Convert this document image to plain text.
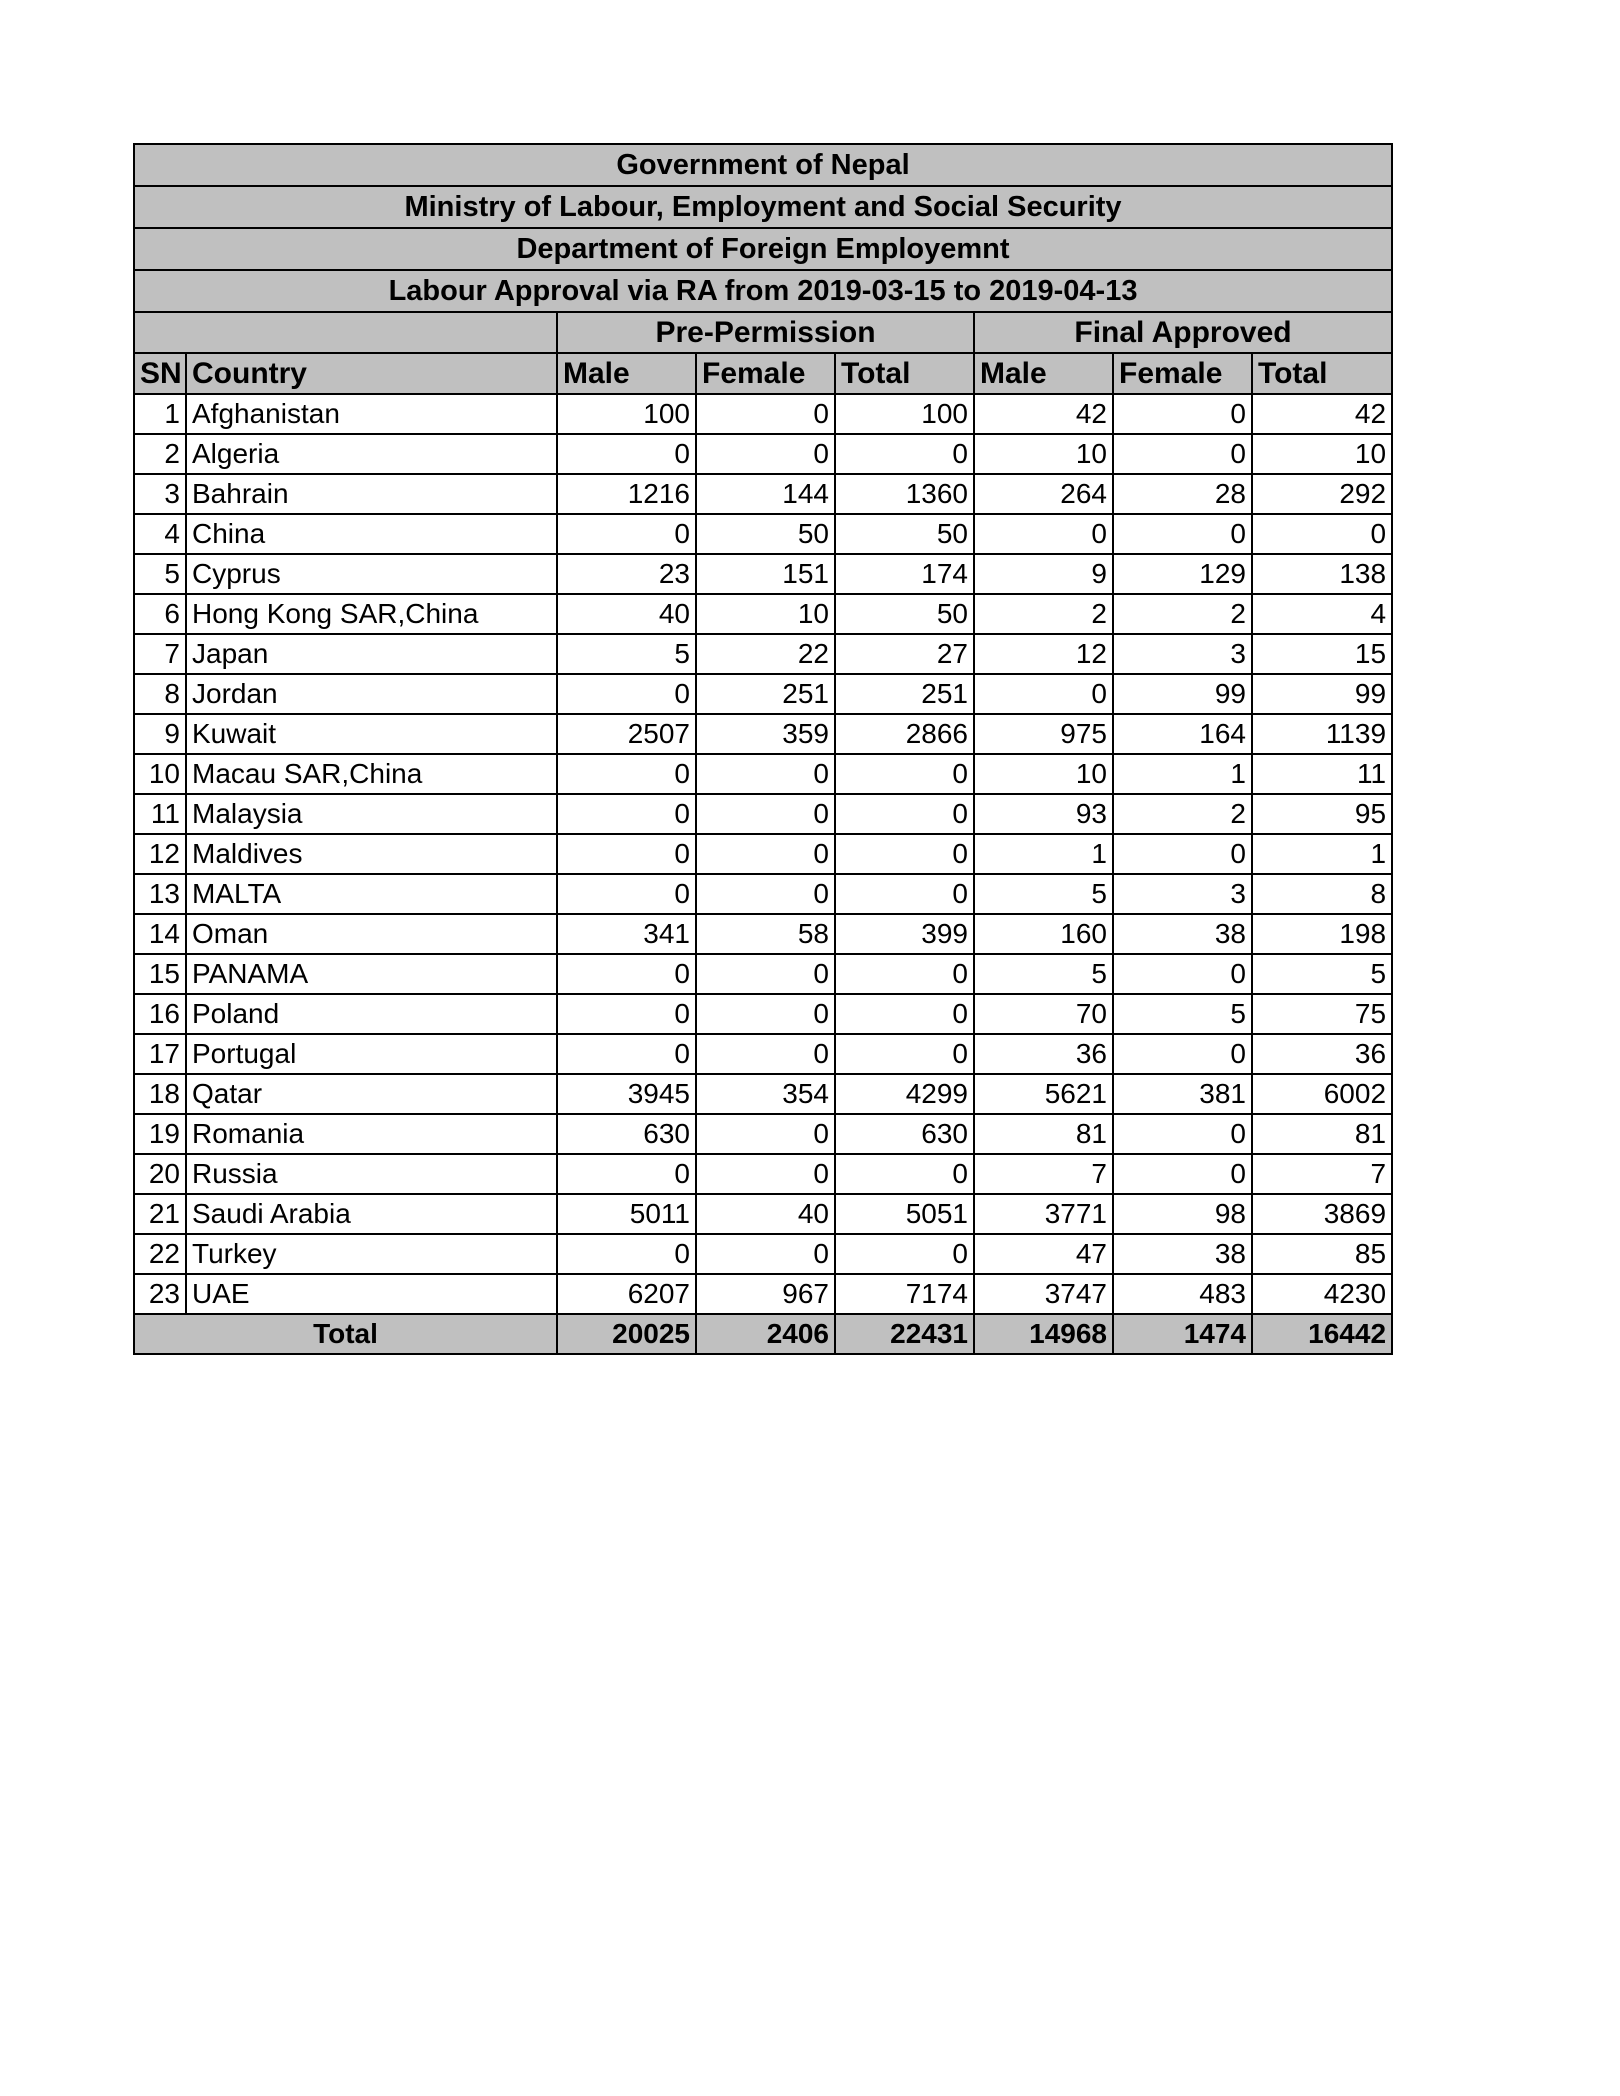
Government of Nepal							
Ministry of Labour, Employment and Social Security							
Department of Foreign Employemnt							
Labour Approval via RA from 2019-03-15 to 2019-04-13							
		Pre-Permission			Final Approved		
SN	Country	Male	Female	Total	Male	Female	Total
1	Afghanistan	100	0	100	42	0	42
2	Algeria	0	0	0	10	0	10
3	Bahrain	1216	144	1360	264	28	292
4	China	0	50	50	0	0	0
5	Cyprus	23	151	174	9	129	138
6	Hong Kong SAR,China	40	10	50	2	2	4
7	Japan	5	22	27	12	3	15
8	Jordan	0	251	251	0	99	99
9	Kuwait	2507	359	2866	975	164	1139
10	Macau SAR,China	0	0	0	10	1	11
11	Malaysia	0	0	0	93	2	95
12	Maldives	0	0	0	1	0	1
13	MALTA	0	0	0	5	3	8
14	Oman	341	58	399	160	38	198
15	PANAMA	0	0	0	5	0	5
16	Poland	0	0	0	70	5	75
17	Portugal	0	0	0	36	0	36
18	Qatar	3945	354	4299	5621	381	6002
19	Romania	630	0	630	81	0	81
20	Russia	0	0	0	7	0	7
21	Saudi Arabia	5011	40	5051	3771	98	3869
22	Turkey	0	0	0	47	38	85
23	UAE	6207	967	7174	3747	483	4230
Total		20025	2406	22431	14968	1474	16442
